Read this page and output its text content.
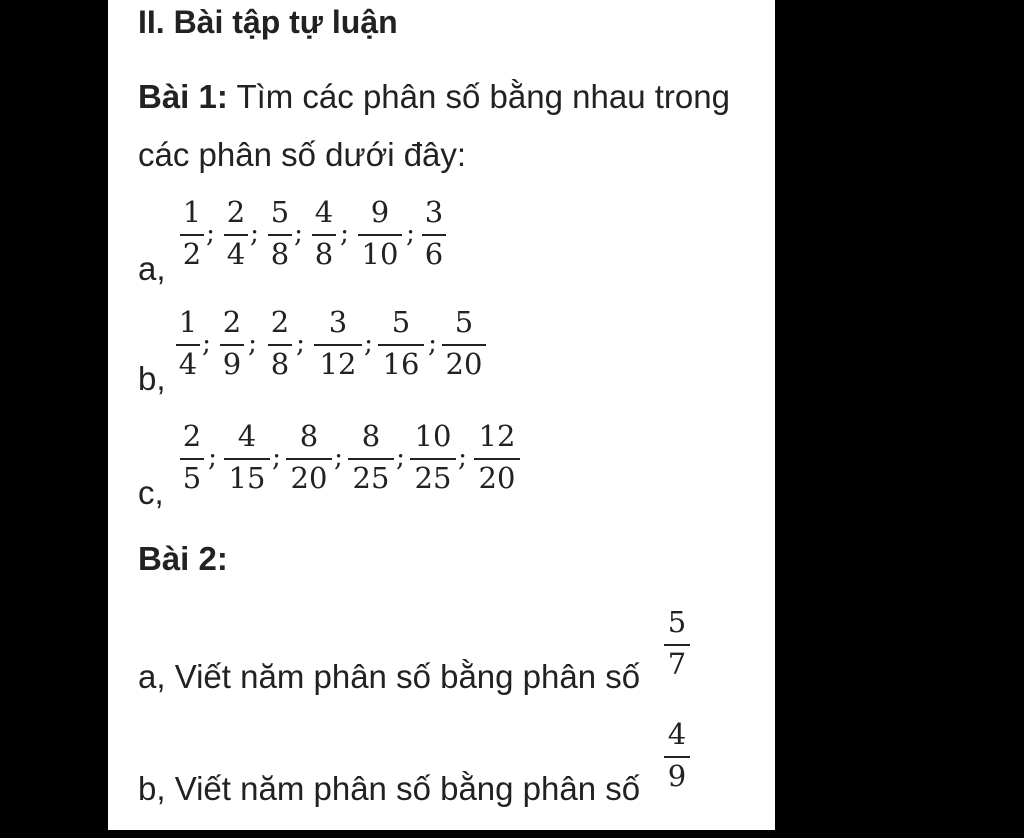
II. Bài tập tự luận
Bài 1: Tìm các phân số bằng nhau trong
các phân số dưới đây:
a,
1
2
;
2
4
;
5
8
;
4
8
;
9
10
;
3
6
b,
1
4
;
2
9
;
2
8
;
3
12
;
5
16
;
5
20
c,
2
5
;
4
15
;
8
20
;
8
25
;
10
25
;
12
20
Bài 2:
a, Viết năm phân số bằng phân số
5
7
b, Viết năm phân số bằng phân số
4
9
